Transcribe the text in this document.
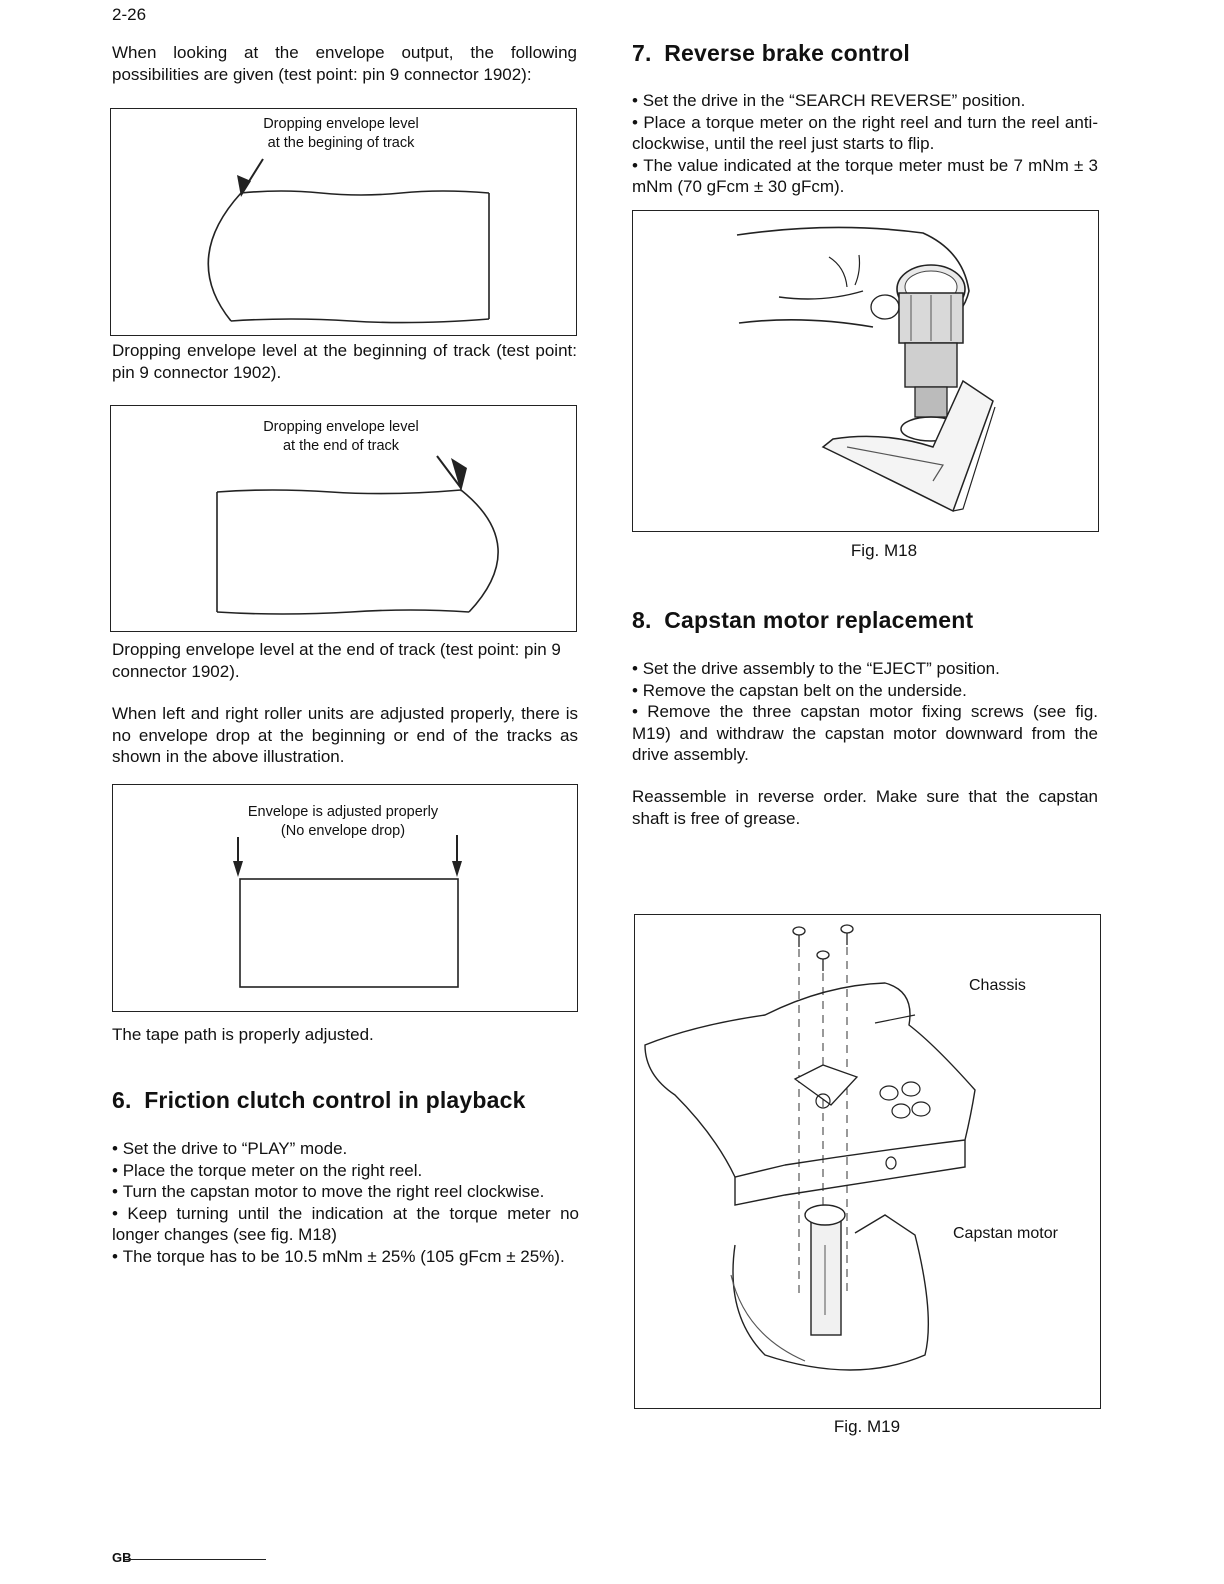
2-26
When looking at the envelope output, the following possibilities are given (test point: pin 9 connector 1902):
Dropping envelope level
at the begining of track
Dropping envelope level at the beginning of track (test point: pin 9 connector 1902).
Dropping envelope level
at the end of track
Dropping envelope level at the end of track (test point: pin 9 connector 1902).
When left and right roller units are adjusted properly, there is no envelope drop at the beginning or end of the tracks as shown in the above illustration.
Envelope is adjusted properly
(No envelope drop)
The tape path is properly adjusted.
6. Friction clutch control in playback
• Set the drive to “PLAY” mode.
• Place the torque meter on the right reel.
• Turn the capstan motor to move the right reel clockwise.
• Keep turning until the indication at the torque meter no longer changes (see fig. M18)
• The torque has to be 10.5 mNm ± 25% (105 gFcm ± 25%).
7. Reverse brake control
• Set the drive in the “SEARCH REVERSE” position.
• Place a torque meter on the right reel and turn the reel anti-clockwise, until the reel just starts to flip.
• The value indicated at the torque meter must be 7 mNm ± 3 mNm (70 gFcm ± 30 gFcm).
Fig. M18
8. Capstan motor replacement
• Set the drive assembly to the “EJECT” position.
• Remove the capstan belt on the underside.
• Remove the three capstan motor fixing screws (see fig. M19) and withdraw the capstan motor downward from the drive assembly.
Reassemble in reverse order. Make sure that the capstan shaft is free of grease.
Chassis
Capstan motor
Fig. M19
GB
